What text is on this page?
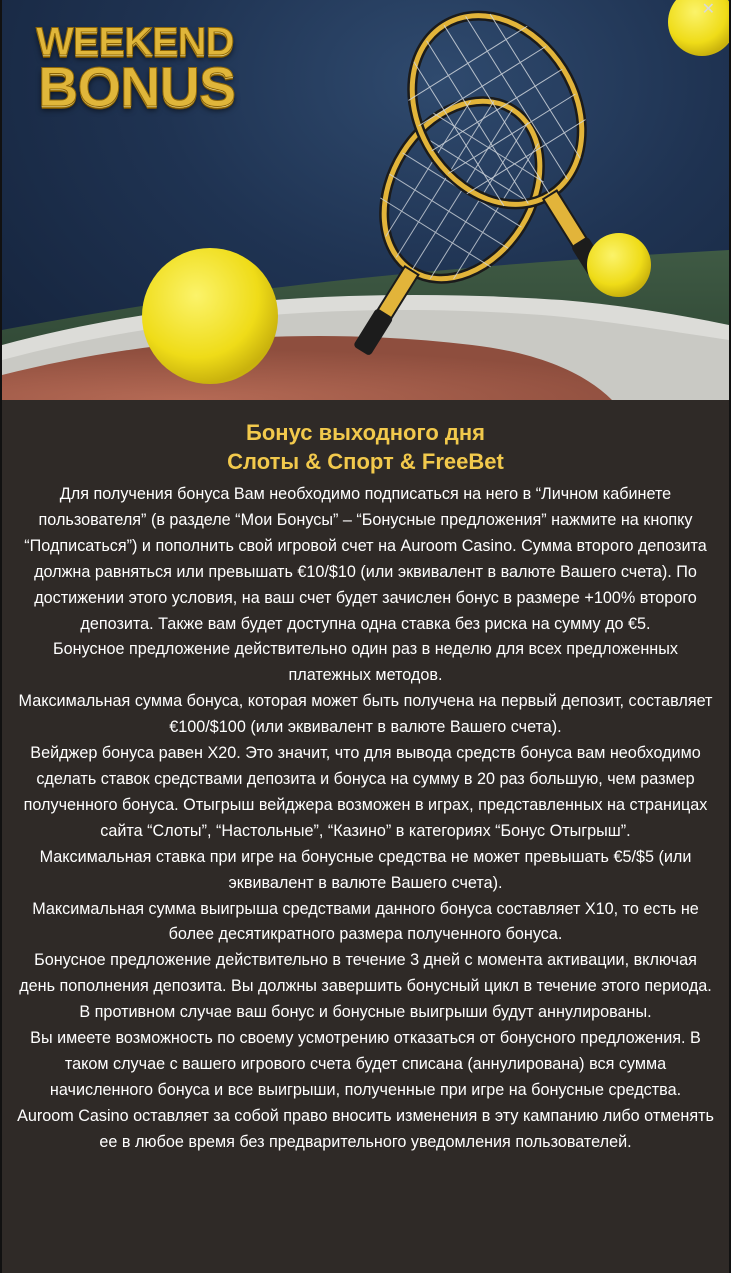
WEEKEND
BONUS
✕
Бонус выходного дня
Слоты & Спорт & FreeBet

Для получения бонуса Вам необходимо подписаться на него в “Личном кабинете пользователя” (в разделе “Мои Бонусы” – “Бонусные предложения” нажмите на кнопку “Подписаться”) и пополнить свой игровой счет на Auroom Casino. Сумма второго депозита должна равняться или превышать €10/$10 (или эквивалент в валюте Вашего счета). По достижении этого условия, на ваш счет будет зачислен бонус в размере +100% второго депозита. Также вам будет доступна одна ставка без риска на сумму до €5.

Бонусное предложение действительно один раз в неделю для всех предложенных платежных методов.

Максимальная сумма бонуса, которая может быть получена на первый депозит, составляет €100/$100 (или эквивалент в валюте Вашего счета).

Вейджер бонуса равен X20. Это значит, что для вывода средств бонуса вам необходимо сделать ставок средствами депозита и бонуса на сумму в 20 раз большую, чем размер полученного бонуса. Отыгрыш вейджера возможен в играх, представленных на страницах сайта “Слоты”, “Настольные”, “Казино” в категориях “Бонус Отыгрыш”.

Максимальная ставка при игре на бонусные средства не может превышать €5/$5 (или эквивалент в валюте Вашего счета).

Максимальная сумма выигрыша средствами данного бонуса составляет X10, то есть не более десятикратного размера полученного бонуса.

Бонусное предложение действительно в течение 3 дней с момента активации, включая день пополнения депозита. Вы должны завершить бонусный цикл в течение этого периода. В противном случае ваш бонус и бонусные выигрыши будут аннулированы.

Вы имеете возможность по своему усмотрению отказаться от бонусного предложения. В таком случае с вашего игрового счета будет списана (аннулирована) вся сумма начисленного бонуса и все выигрыши, полученные при игре на бонусные средства.

Auroom Casino оставляет за собой право вносить изменения в эту кампанию либо отменять ее в любое время без предварительного уведомления пользователей.
